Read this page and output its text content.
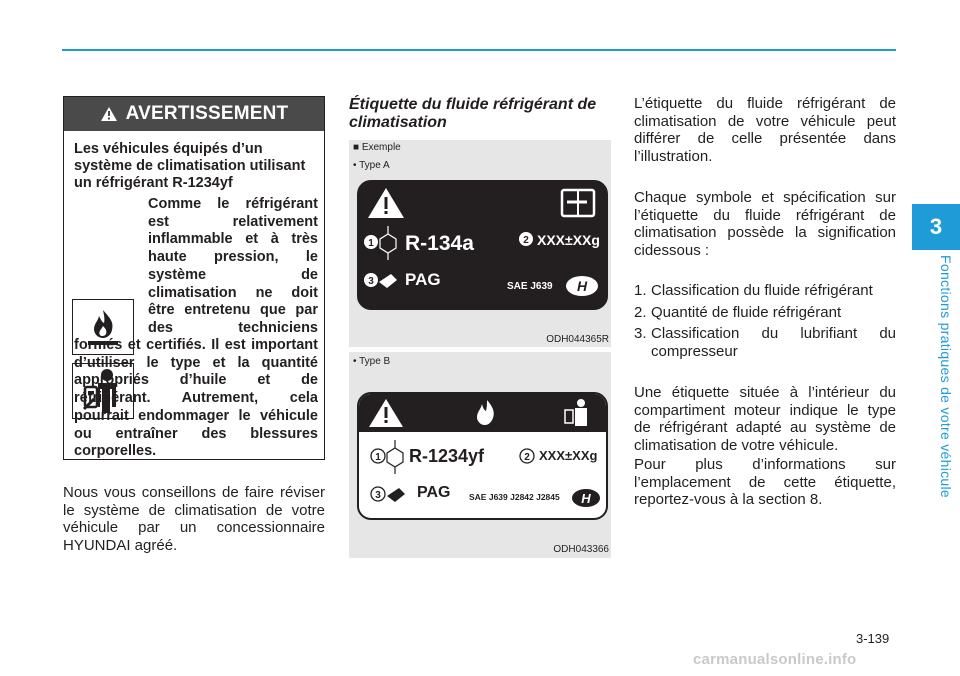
3
Fonctions pratiques de votre véhicule
AVERTISSEMENT
Les véhicules équipés d’un système de climatisation utilisant un réfrigérant R-1234yf
Comme le réfrigérant est relativement inflammable et à très haute pression, le système de climatisation ne doit être entretenu que par des techniciens
formés et certifiés. Il est important d’utiliser le type et la quantité appropriés d’huile et de réfrigérant. Autrement, cela pourrait endommager le véhicule ou entraîner des blessures corporelles.
Nous vous conseillons de faire réviser le système de climatisation de votre véhicule par un concessionnaire HYUNDAI agréé.
Étiquette du fluide réfrigérant de climatisation
■ Exemple
• Type A
1	2
3	H
R-134a	XXX±XXg
PAG	SAE J639
ODH044365R
• Type B
1	2
3	H
R-1234yf	XXX±XXg
PAG SAE J639 J2842 J2845
ODH043366
L’étiquette du fluide réfrigérant de climatisation de votre véhicule peut différer de celle présentée dans l’illustration.
Chaque symbole et spécification sur l’étiquette du fluide réfrigérant de climatisation possède la signification cidessous :
1. Classification du fluide réfrigérant
2. Quantité de fluide réfrigérant
3. Classification du lubrifiant du compresseur
Une étiquette située à l’intérieur du compartiment moteur indique le type de réfrigérant adapté au système de climatisation de votre véhicule.
Pour plus d’informations sur l’emplacement de cette étiquette, reportez-vous à la section 8.
3-139
carmanualsonline.info
